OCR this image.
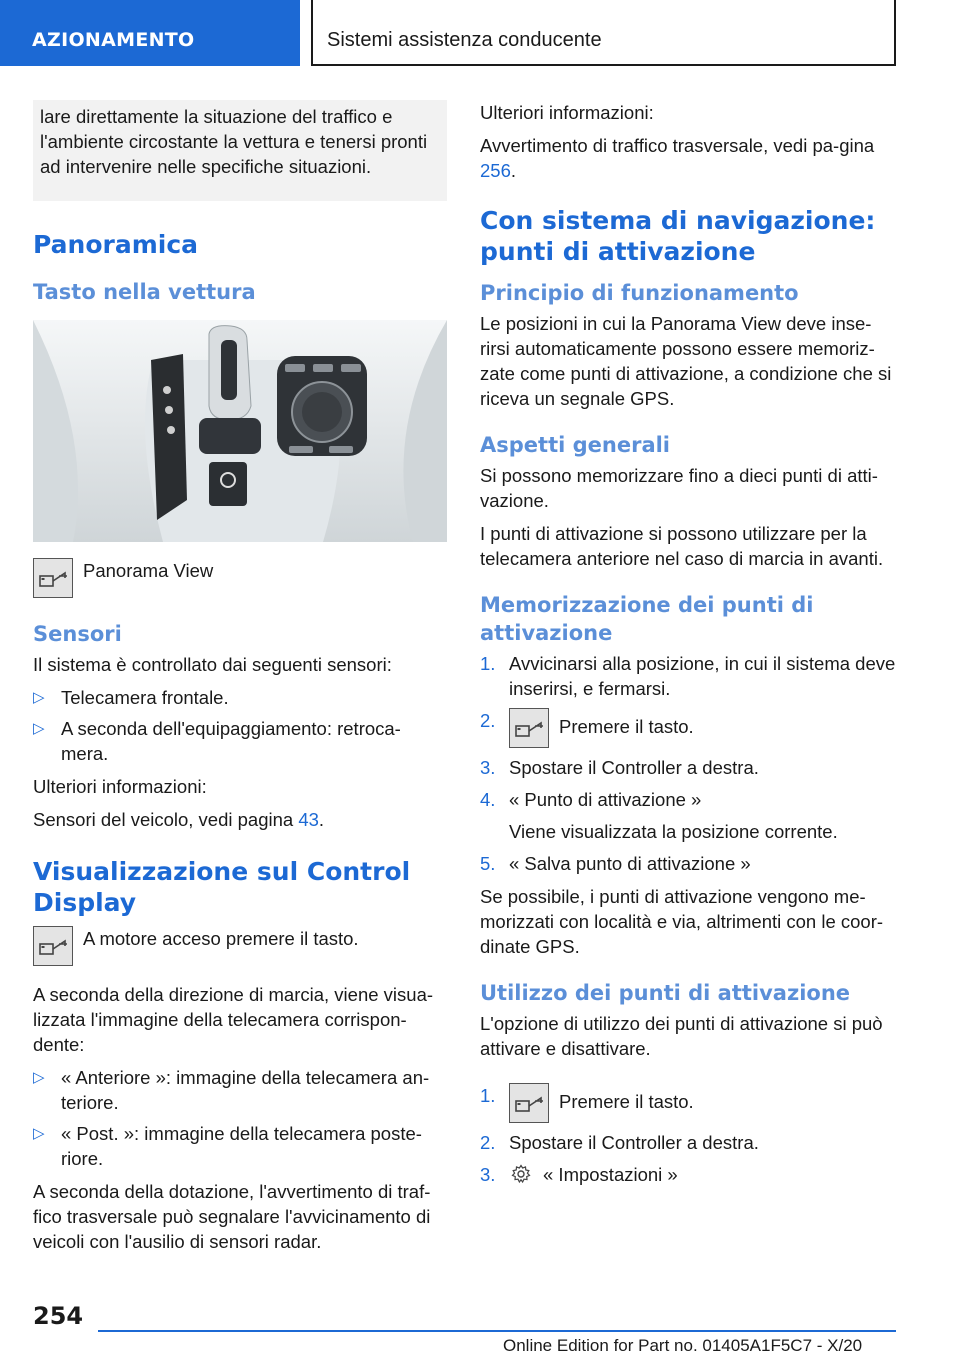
AZIONAMENTO	Sistemi assistenza conducente

lare direttamente la situazione del traffico e l'ambiente circostante la vettura e tenersi pronti ad intervenire nelle specifiche situazioni.

Panoramica
Tasto nella vettura
Panorama View
Sensori

Il sistema è controllato dai seguenti sensori:

▷ Telecamera frontale.
▷ A seconda dell'equipaggiamento: retroca-mera.

Ulteriori informazioni:

Sensori del veicolo, vedi pagina 43.

Visualizzazione sul Control Display
A motore acceso premere il tasto.

A seconda della direzione di marcia, viene visua-lizzata l'immagine della telecamera corrispon-dente:

▷ « Anteriore »: immagine della telecamera an-teriore.
▷ « Post. »: immagine della telecamera poste-riore.

A seconda della dotazione, l'avvertimento di traf-fico trasversale può segnalare l'avvicinamento di veicoli con l'ausilio di sensori radar.

Ulteriori informazioni:

Avvertimento di traffico trasversale, vedi pa-gina 256.

Con sistema di navigazione: punti di attivazione
Principio di funzionamento

Le posizioni in cui la Panorama View deve inse-rirsi automaticamente possono essere memoriz-zate come punti di attivazione, a condizione che si riceva un segnale GPS.

Aspetti generali

Si possono memorizzare fino a dieci punti di atti-vazione.

I punti di attivazione si possono utilizzare per la telecamera anteriore nel caso di marcia in avanti.

Memorizzazione dei punti di attivazione
1. Avvicinarsi alla posizione, in cui il sistema deve inserirsi, e fermarsi.
2.	Premere il tasto.
3. Spostare il Controller a destra.
4. « Punto di attivazione »
Viene visualizzata la posizione corrente.
5. « Salva punto di attivazione »

Se possibile, i punti di attivazione vengono me-morizzati con località e via, altrimenti con le coor-dinate GPS.

Utilizzo dei punti di attivazione

L'opzione di utilizzo dei punti di attivazione si può attivare e disattivare.

1.	Premere il tasto.
2. Spostare il Controller a destra.
3.	« Impostazioni »
254
Online Edition for Part no. 01405A1F5C7 - X/20
